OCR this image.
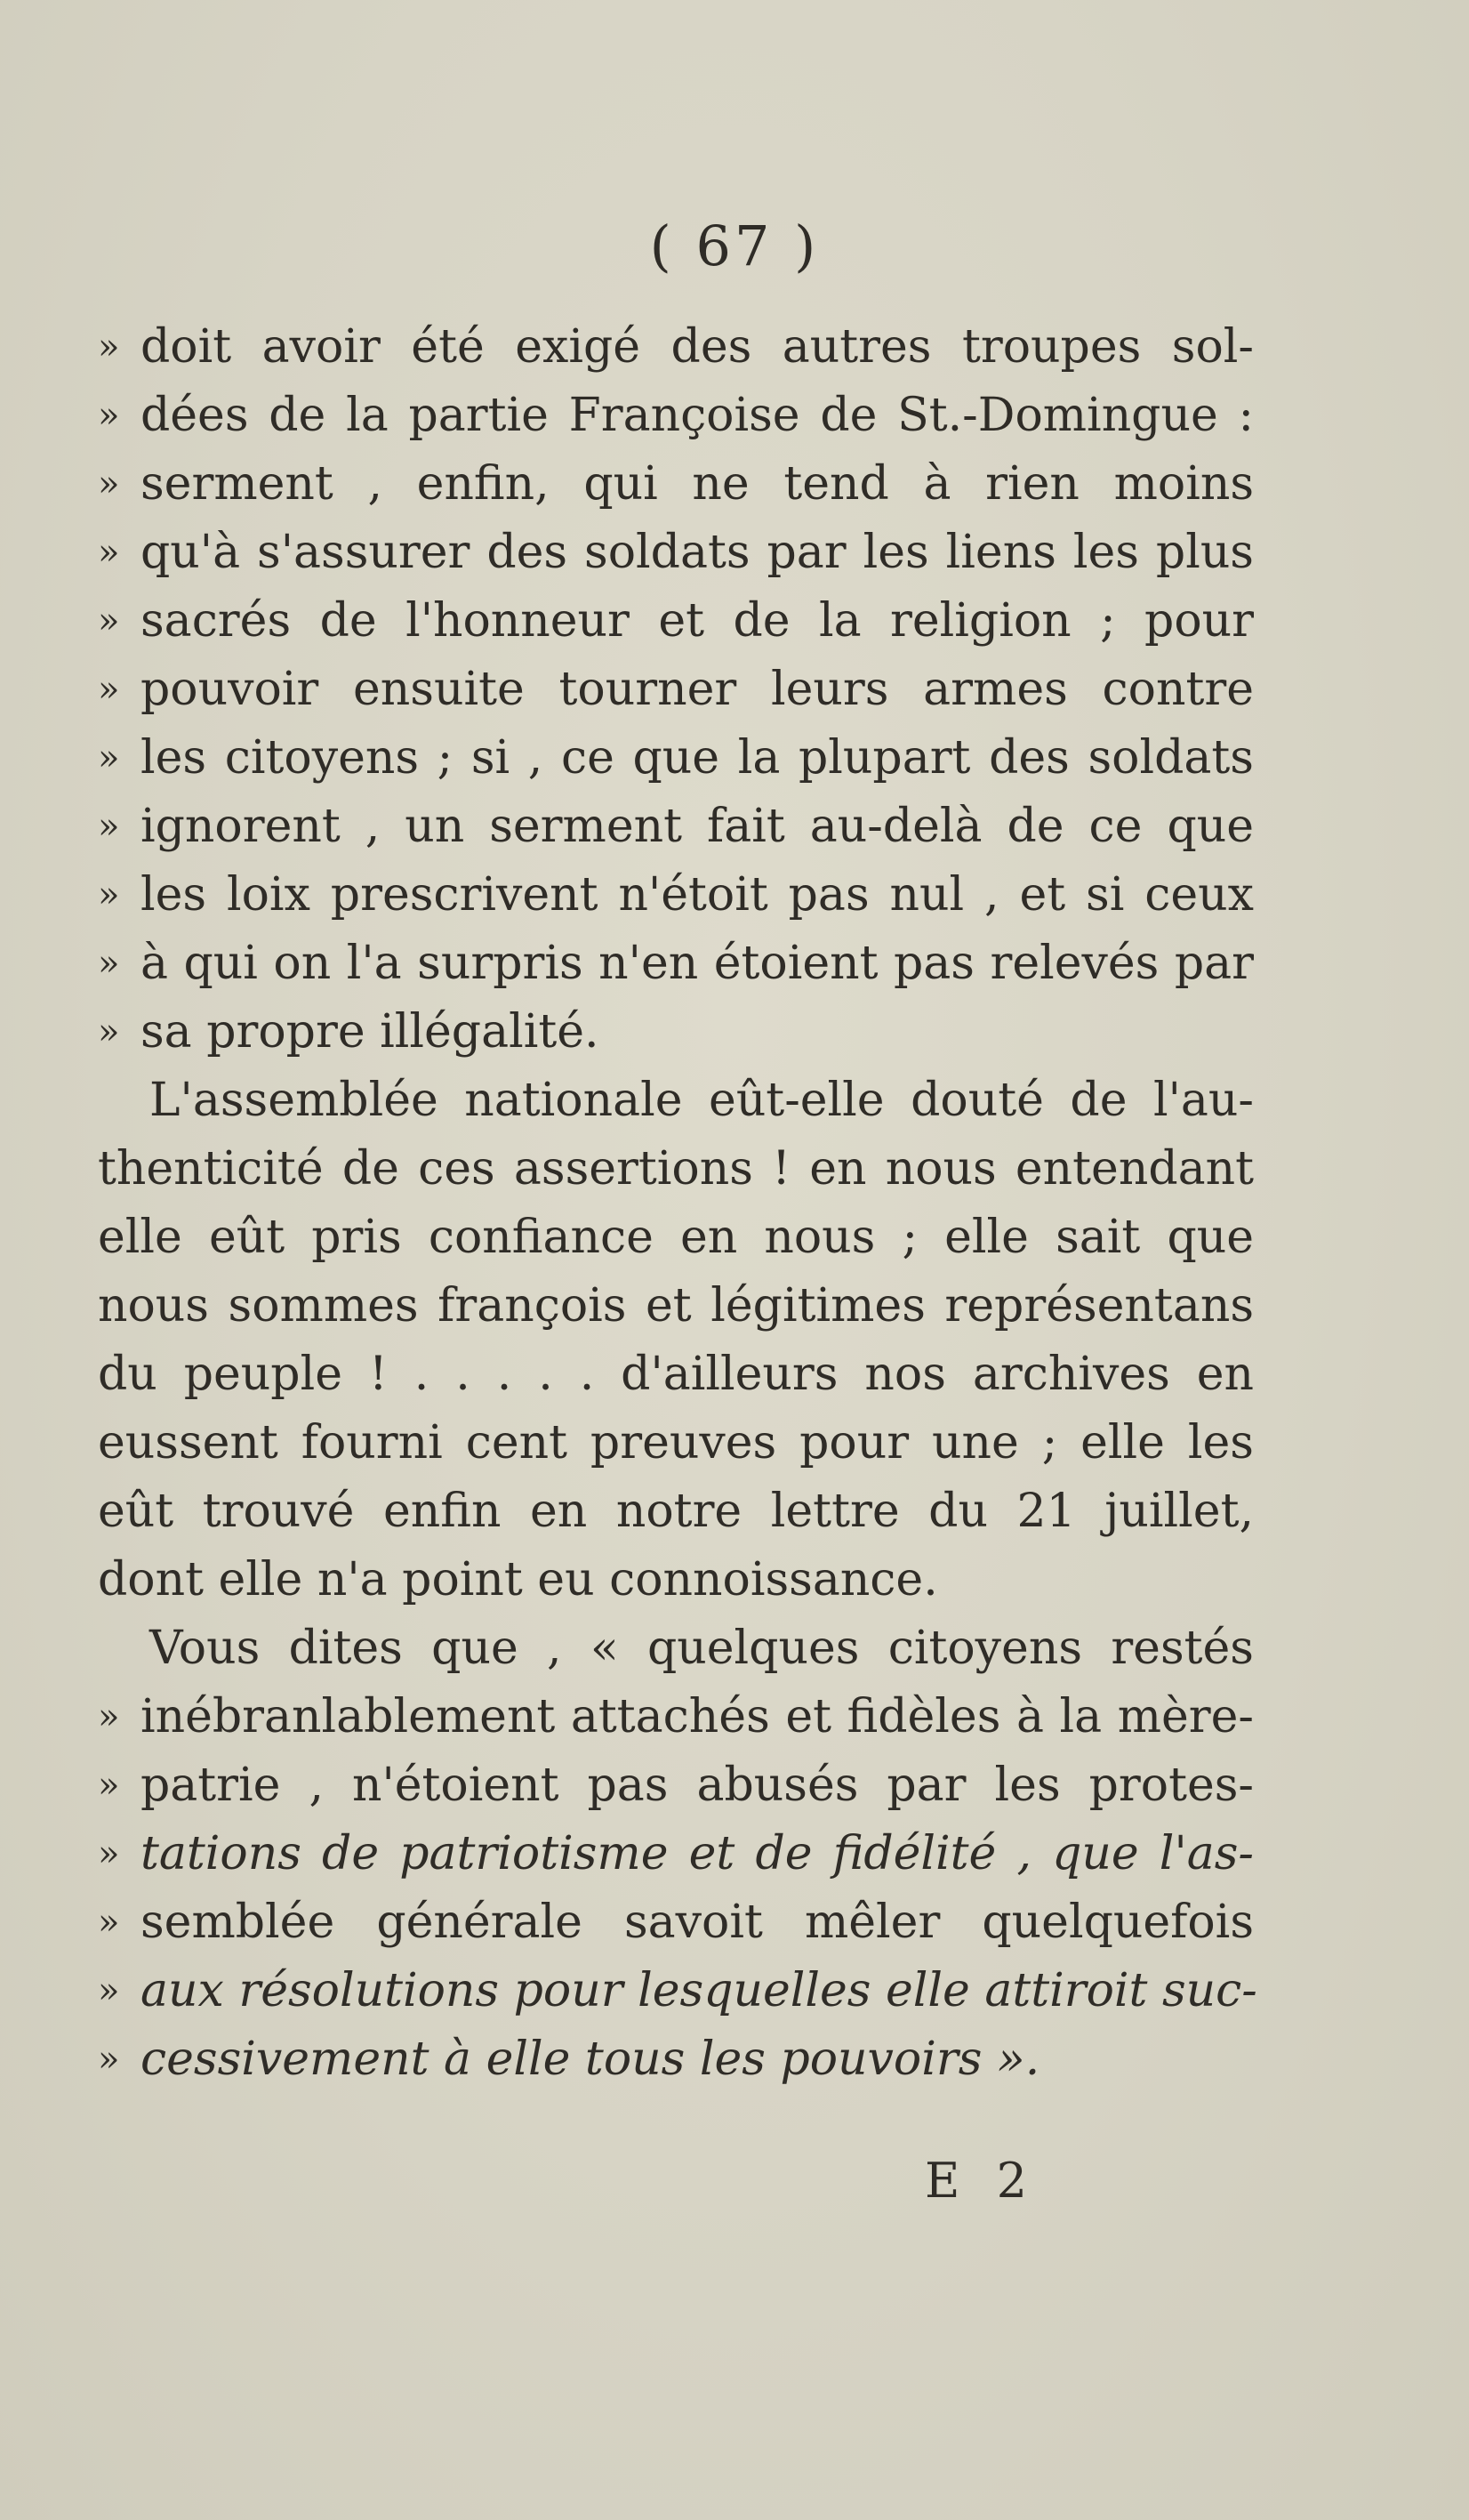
( 67 )
» doit avoir été exigé des autres troupes sol-
» dées de la partie Françoise de St.-Domingue :
» serment , enfin, qui ne tend à rien moins
» qu'à s'assurer des soldats par les liens les plus
» sacrés de l'honneur et de la religion ; pour
» pouvoir ensuite tourner leurs armes contre
» les citoyens ; si , ce que la plupart des soldats
» ignorent , un serment fait au-delà de ce que
» les loix prescrivent n'étoit pas nul , et si ceux
» à qui on l'a surpris n'en étoient pas relevés par
» sa propre illégalité.
L'assemblée nationale eût-elle douté de l'au-
thenticité de ces assertions ! en nous entendant
elle eût pris confiance en nous ; elle sait que
nous sommes françois et légitimes représentans
du peuple ! . . . . . d'ailleurs nos archives en
eussent fourni cent preuves pour une ; elle les
eût trouvé enfin en notre lettre du 21 juillet,
dont elle n'a point eu connoissance.
Vous dites que , « quelques citoyens restés
» inébranlablement attachés et fidèles à la mère-
» patrie , n'étoient pas abusés par les protes-
» tations de patriotisme et de fidélité , que l'as-
» semblée générale savoit mêler quelquefois
» aux résolutions pour lesquelles elle attiroit suc-
» cessivement à elle tous les pouvoirs ».
E 2
